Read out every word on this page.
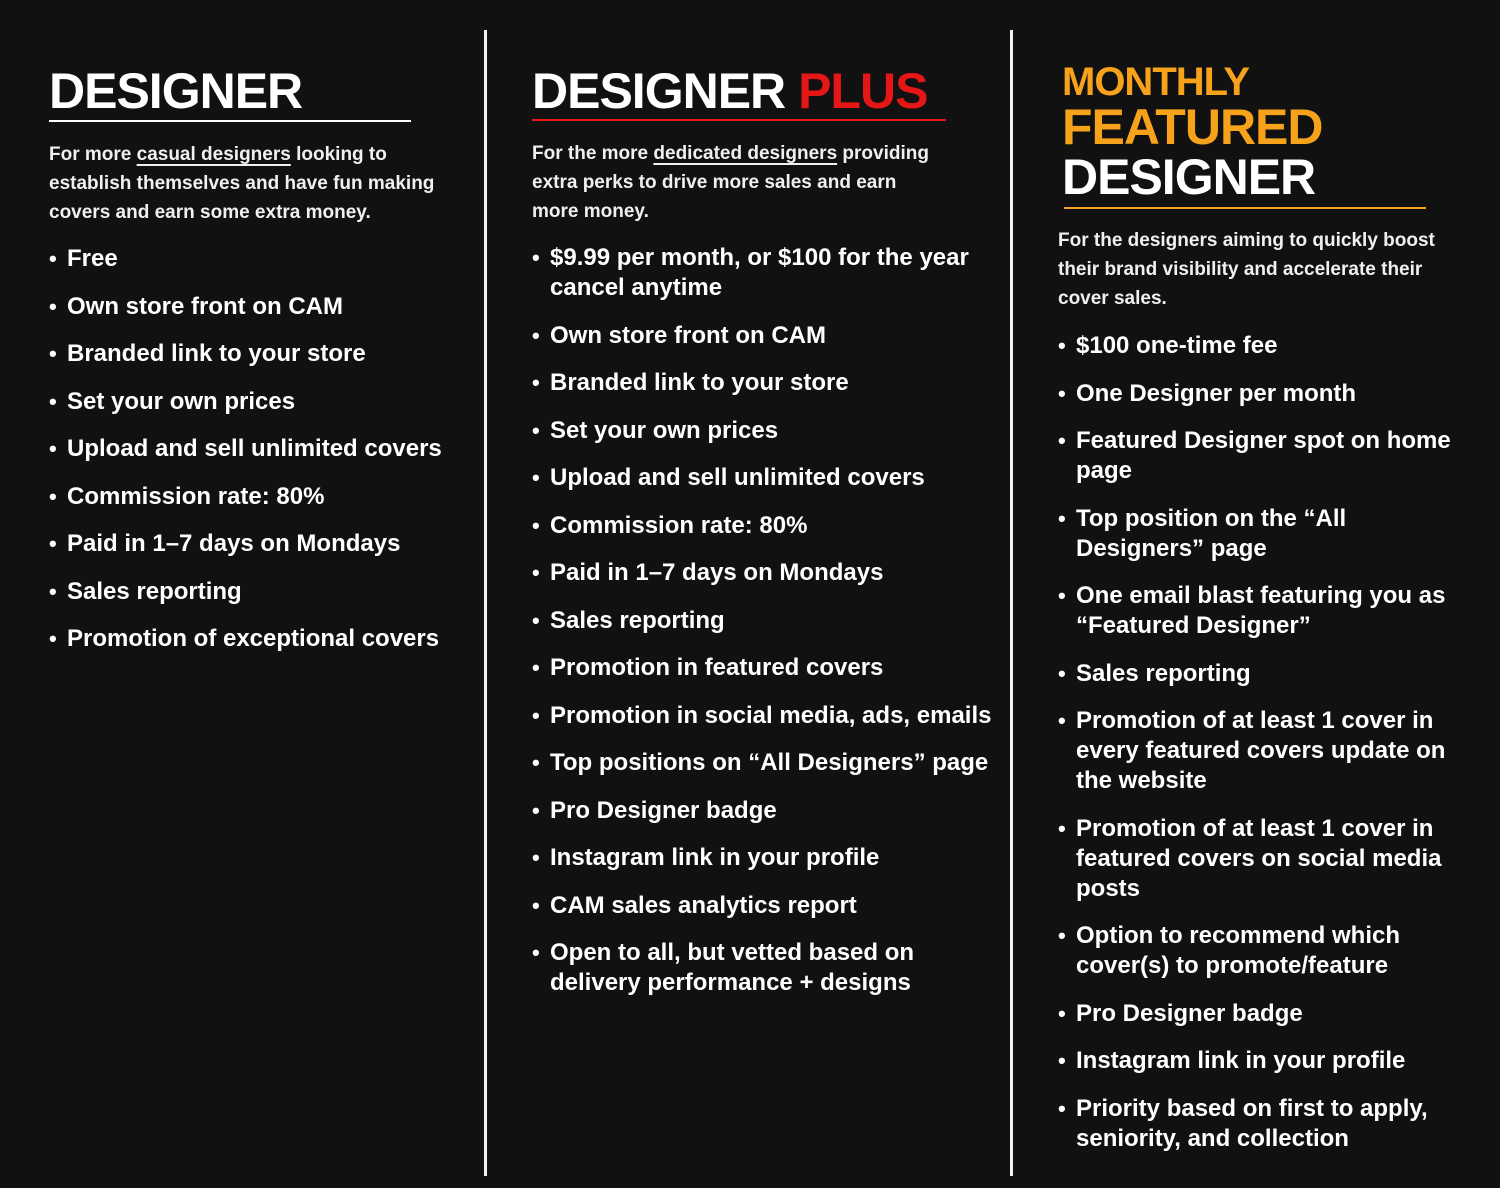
DESIGNER
For more casual designers looking to establish themselves and have fun making covers and earn some extra money.
• Free
• Own store front on CAM
• Branded link to your store
• Set your own prices
• Upload and sell unlimited covers
• Commission rate: 80%
• Paid in 1–7 days on Mondays
• Sales reporting
• Promotion of exceptional covers
DESIGNER PLUS
For the more dedicated designers providing extra perks to drive more sales and earn more money.
• $9.99 per month, or $100 for the year cancel anytime
• Own store front on CAM
• Branded link to your store
• Set your own prices
• Upload and sell unlimited covers
• Commission rate: 80%
• Paid in 1–7 days on Mondays
• Sales reporting
• Promotion in featured covers
• Promotion in social media, ads, emails
• Top positions on “All Designers” page
• Pro Designer badge
• Instagram link in your profile
• CAM sales analytics report
• Open to all, but vetted based on delivery performance + designs
MONTHLY
FEATURED
DESIGNER
For the designers aiming to quickly boost their brand visibility and accelerate their cover sales.
• $100 one-time fee
• One Designer per month
• Featured Designer spot on home page
• Top position on the “All Designers” page
• One email blast featuring you as “Featured Designer”
• Sales reporting
• Promotion of at least 1 cover in every featured covers update on the website
• Promotion of at least 1 cover in featured covers on social media posts
• Option to recommend which cover(s) to promote/feature
• Pro Designer badge
• Instagram link in your profile
• Priority based on first to apply, seniority, and collection
